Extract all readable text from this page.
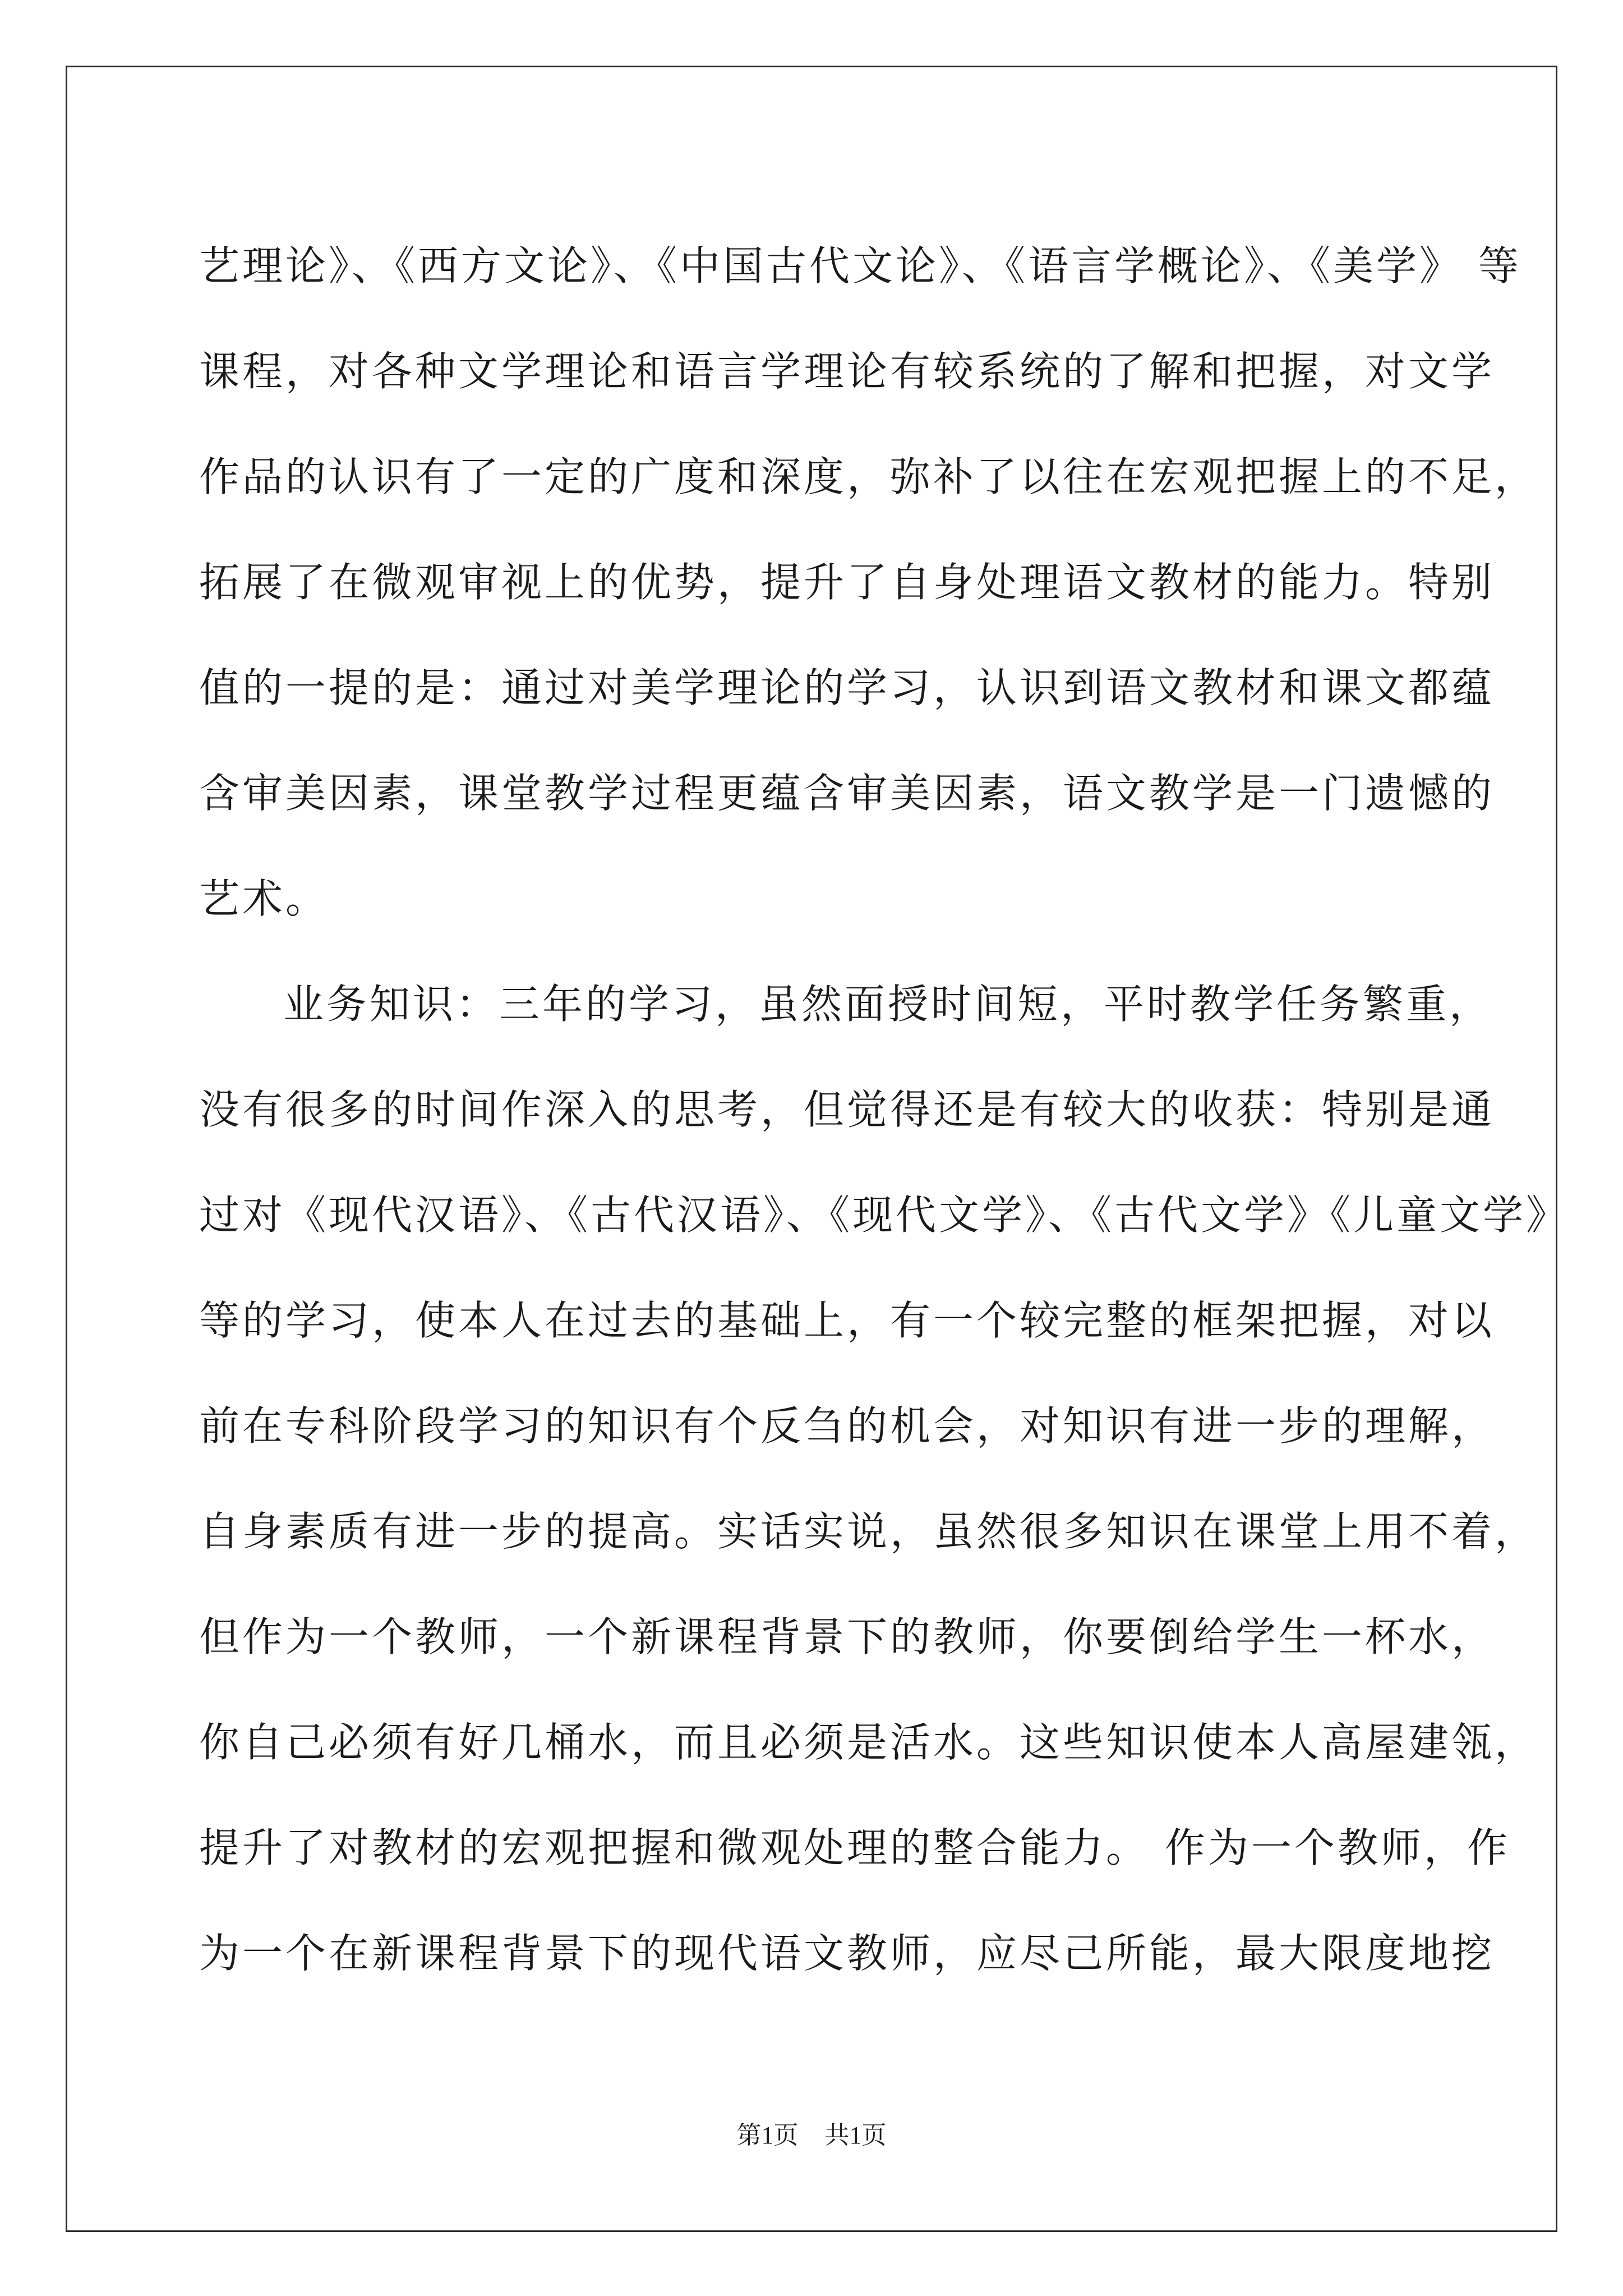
艺理论》、《西方文论》、《中国古代文论》、《语言学概论》、《美学》 等
课程，对各种文学理论和语言学理论有较系统的了解和把握，对文学
作品的认识有了一定的广度和深度，弥补了以往在宏观把握上的不足，
拓展了在微观审视上的优势，提升了自身处理语文教材的能力。特别
值的一提的是：通过对美学理论的学习，认识到语文教材和课文都蕴
含审美因素，课堂教学过程更蕴含审美因素，语文教学是一门遗憾的
艺术。
业务知识：三年的学习，虽然面授时间短，平时教学任务繁重，
没有很多的时间作深入的思考，但觉得还是有较大的收获：特别是通
过对《现代汉语》、《古代汉语》、《现代文学》、《古代文学》《儿童文学》
等的学习，使本人在过去的基础上，有一个较完整的框架把握，对以
前在专科阶段学习的知识有个反刍的机会，对知识有进一步的理解，
自身素质有进一步的提高。实话实说，虽然很多知识在课堂上用不着，
但作为一个教师，一个新课程背景下的教师，你要倒给学生一杯水，
你自己必须有好几桶水，而且必须是活水。这些知识使本人高屋建瓴，
提升了对教材的宏观把握和微观处理的整合能力。 作为一个教师，作
为一个在新课程背景下的现代语文教师，应尽己所能，最大限度地挖
第1页 共1页
